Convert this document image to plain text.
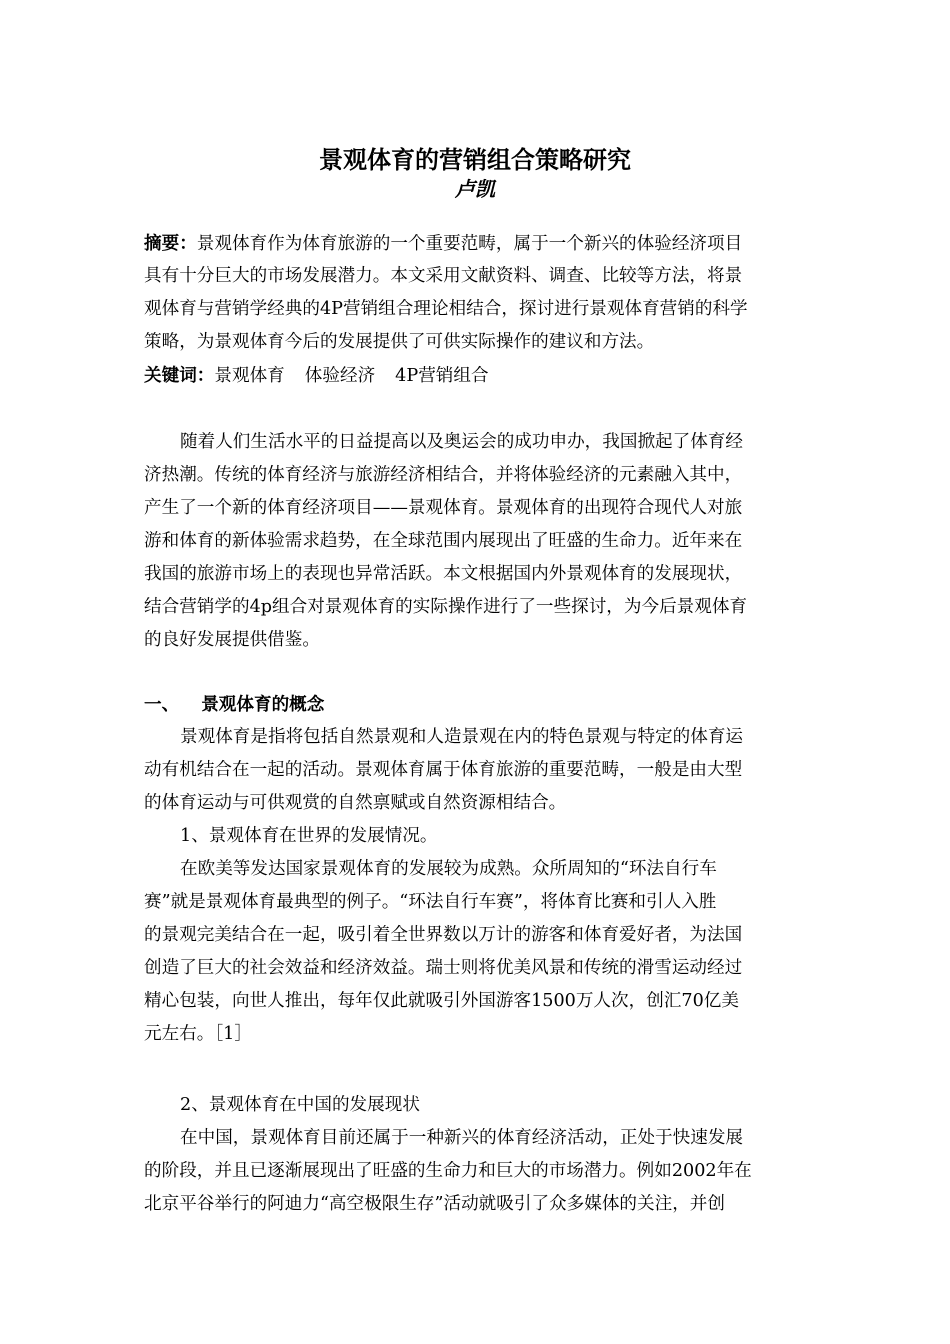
景观体育的营销组合策略研究
卢凯
摘要：景观体育作为体育旅游的一个重要范畴，属于一个新兴的体验经济项目
具有十分巨大的市场发展潜力。本文采用文献资料、调查、比较等方法，将景
观体育与营销学经典的4P营销组合理论相结合，探讨进行景观体育营销的科学
策略，为景观体育今后的发展提供了可供实际操作的建议和方法。
关键词：景观体育 体验经济 4P营销组合
随着人们生活水平的日益提高以及奥运会的成功申办，我国掀起了体育经
济热潮。传统的体育经济与旅游经济相结合，并将体验经济的元素融入其中，
产生了一个新的体育经济项目——景观体育。景观体育的出现符合现代人对旅
游和体育的新体验需求趋势，在全球范围内展现出了旺盛的生命力。近年来在
我国的旅游市场上的表现也异常活跃。本文根据国内外景观体育的发展现状，
结合营销学的4p组合对景观体育的实际操作进行了一些探讨，为今后景观体育
的良好发展提供借鉴。
一、 景观体育的概念
景观体育是指将包括自然景观和人造景观在内的特色景观与特定的体育运
动有机结合在一起的活动。景观体育属于体育旅游的重要范畴，一般是由大型
的体育运动与可供观赏的自然禀赋或自然资源相结合。
1、景观体育在世界的发展情况。
在欧美等发达国家景观体育的发展较为成熟。众所周知的“环法自行车
赛”就是景观体育最典型的例子。“环法自行车赛”，将体育比赛和引人入胜
的景观完美结合在一起，吸引着全世界数以万计的游客和体育爱好者，为法国
创造了巨大的社会效益和经济效益。瑞士则将优美风景和传统的滑雪运动经过
精心包装，向世人推出，每年仅此就吸引外国游客1500万人次，创汇70亿美
元左右。［1］
2、景观体育在中国的发展现状
在中国，景观体育目前还属于一种新兴的体育经济活动，正处于快速发展
的阶段，并且已逐渐展现出了旺盛的生命力和巨大的市场潜力。例如2002年在
北京平谷举行的阿迪力“高空极限生存”活动就吸引了众多媒体的关注，并创
